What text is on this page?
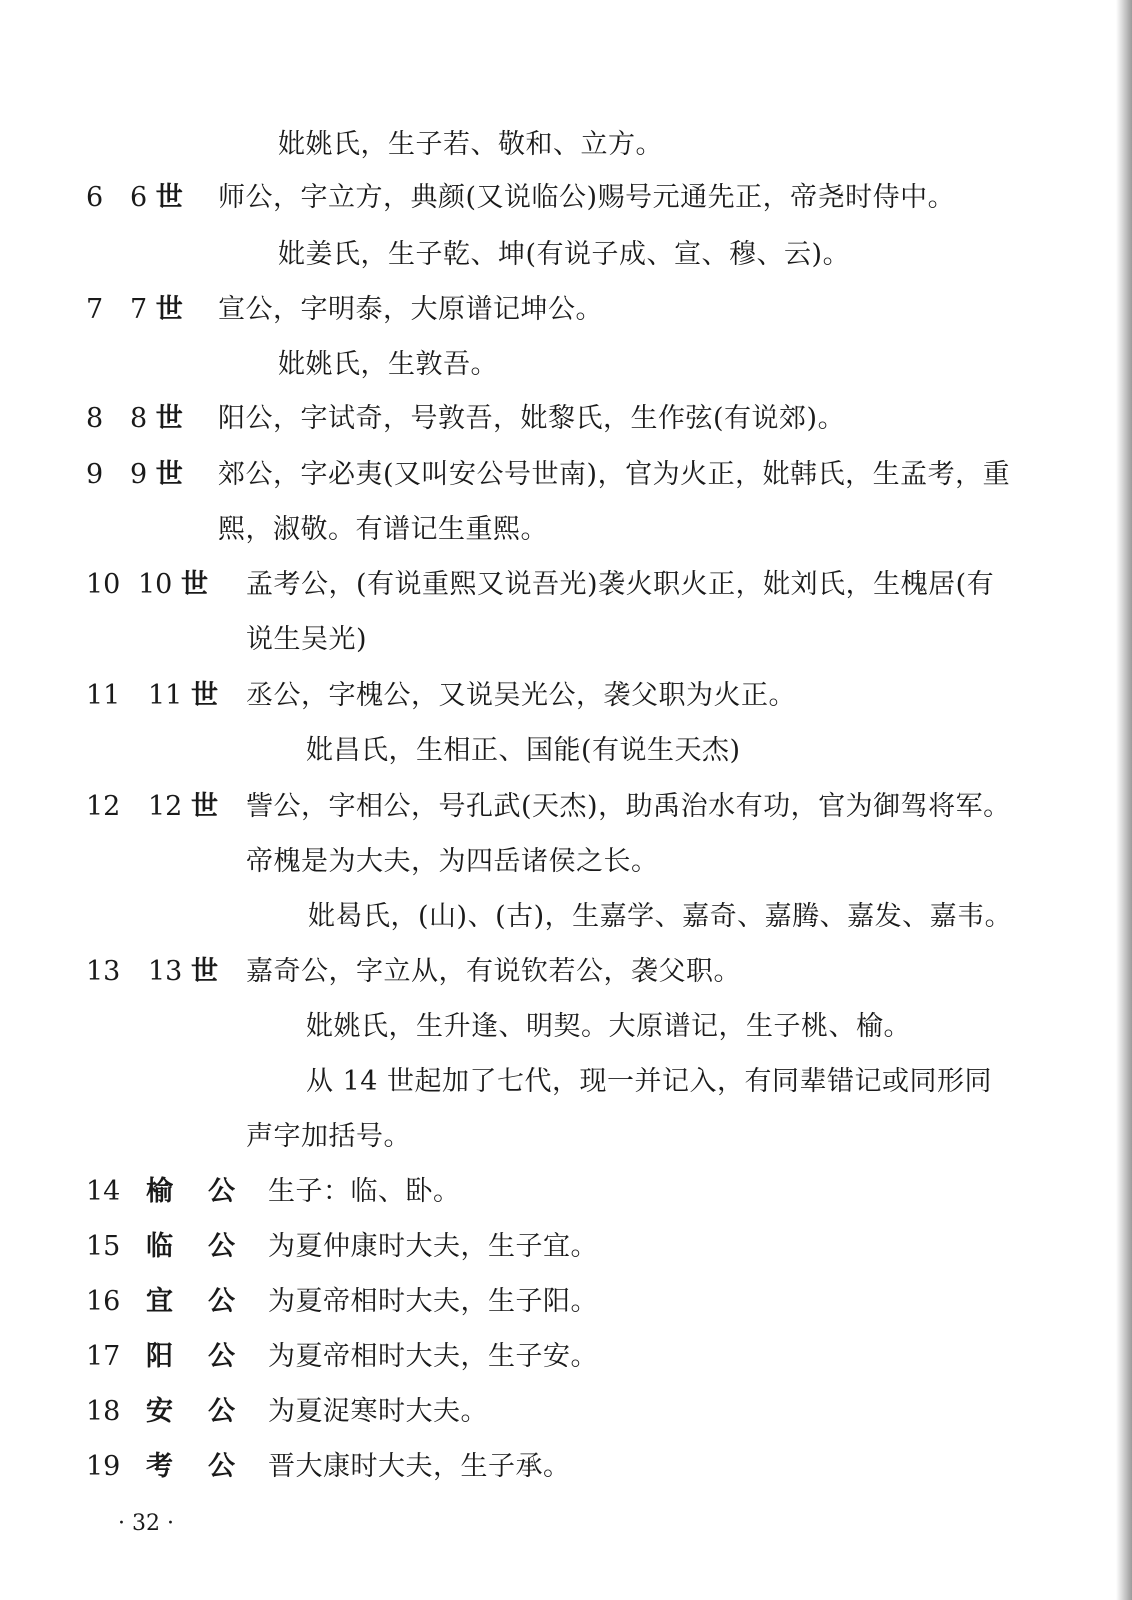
妣姚氏，生子若、敬和、立方。
6 6 世 师公，字立方，典颜(又说临公)赐号元通先正，帝尧时侍中。
妣姜氏，生子乾、坤(有说子成、宣、穆、云)。
7 7 世 宣公，字明泰，大原谱记坤公。
妣姚氏，生敦吾。
8 8 世 阳公，字试奇，号敦吾，妣黎氏，生作弦(有说郊)。
9 9 世 郊公，字必夷(又叫安公号世南)，官为火正，妣韩氏，生孟考，重
熙，淑敬。有谱记生重熙。
10 10 世 孟考公，(有说重熙又说吾光)袭火职火正，妣刘氏，生槐居(有
说生吴光)
11 11 世 丞公，字槐公，又说吴光公，袭父职为火正。
妣昌氏，生相正、国能(有说生天杰)
12 12 世 訾公，字相公，号孔武(天杰)，助禹治水有功，官为御驾将军。
帝槐是为大夫，为四岳诸侯之长。
妣曷氏，(山)、(古)，生嘉学、嘉奇、嘉腾、嘉发、嘉韦。
13 13 世 嘉奇公，字立从，有说钦若公，袭父职。
妣姚氏，生升逢、明契。大原谱记，生子桃、榆。
从 14 世起加了七代，现一并记入，有同辈错记或同形同
声字加括号。
14 榆 公 生子：临、卧。
15 临 公 为夏仲康时大夫，生子宜。
16 宜 公 为夏帝相时大夫，生子阳。
17 阳 公 为夏帝相时大夫，生子安。
18 安 公 为夏浞寒时大夫。
19 考 公 晋大康时大夫，生子承。
· 32 ·
